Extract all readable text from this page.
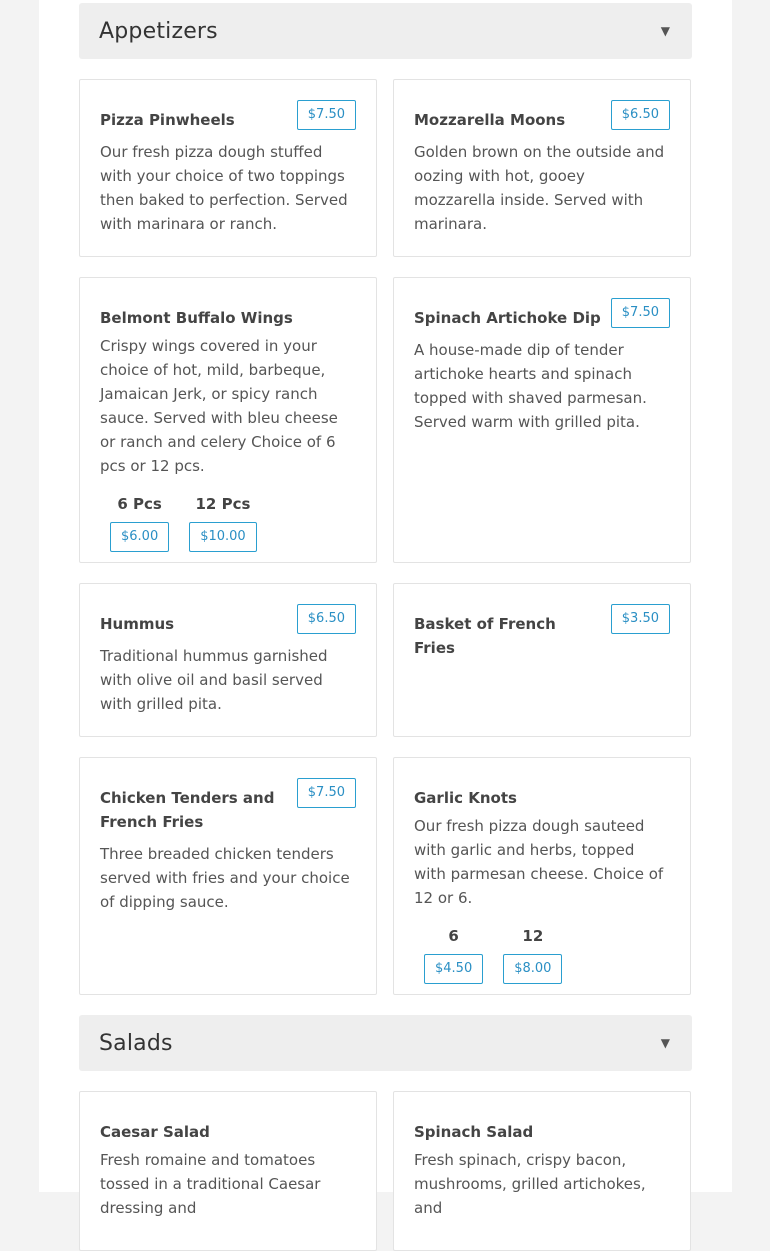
Appetizers	▼
Pizza Pinwheels	$7.50
Our fresh pizza dough stuffed with your choice of two toppings then baked to perfection. Served with marinara or ranch.
Mozzarella Moons	$6.50
Golden brown on the outside and oozing with hot, gooey mozzarella inside. Served with marinara.
Belmont Buffalo Wings
Crispy wings covered in your choice of hot, mild, barbeque, Jamaican Jerk, or spicy ranch sauce. Served with bleu cheese or ranch and celery Choice of 6 pcs or 12 pcs.
6 Pcs
$6.00
12 Pcs
$10.00
Spinach Artichoke Dip	$7.50
A house-made dip of tender artichoke hearts and spinach topped with shaved parmesan. Served warm with grilled pita.
Hummus	$6.50
Traditional hummus garnished with olive oil and basil served with grilled pita.
Basket of French Fries
$3.50
Chicken Tenders and French Fries
$7.50
Three breaded chicken tenders served with fries and your choice of dipping sauce.
Garlic Knots
Our fresh pizza dough sauteed with garlic and herbs, topped with parmesan cheese. Choice of 12 or 6.
6
$4.50
12
$8.00
Salads	▼
Caesar Salad
Fresh romaine and tomatoes tossed in a traditional Caesar dressing and
Spinach Salad
Fresh spinach, crispy bacon, mushrooms, grilled artichokes, and
